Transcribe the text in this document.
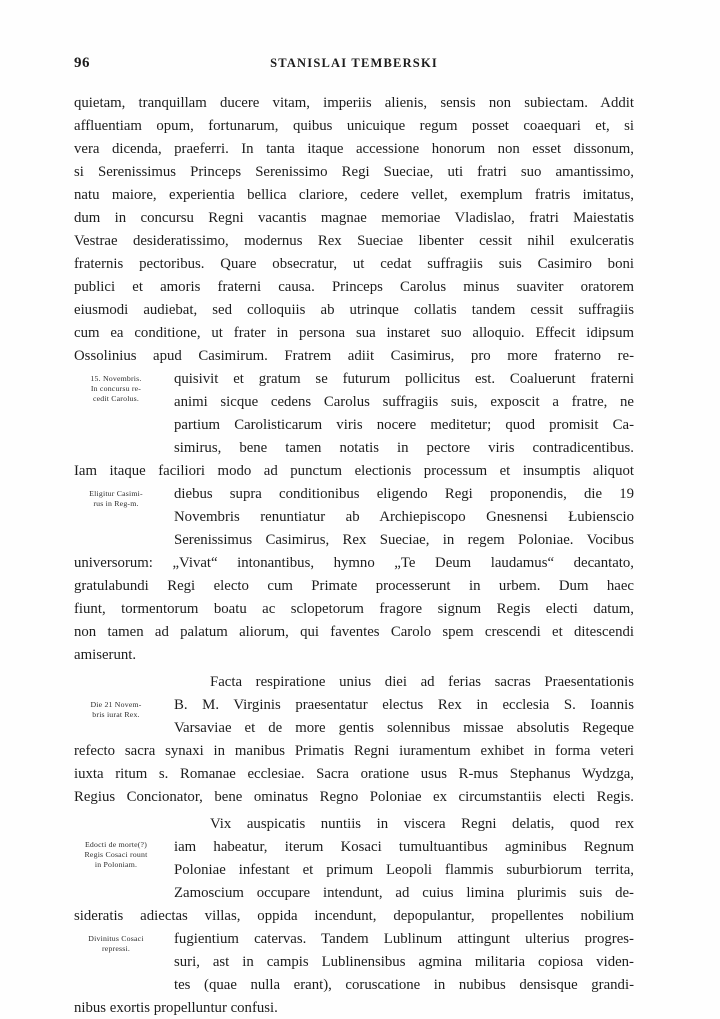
96	STANISLAI TEMBERSKI
quietam, tranquillam ducere vitam, imperiis alienis, sensis non subiectam. Addit
affluentiam opum, fortunarum, quibus unicuique regum posset coaequari et, si
vera dicenda, praeferri. In tanta itaque accessione honorum non esset dissonum,
si Serenissimus Princeps Serenissimo Regi Sueciae, uti fratri suo amantissimo,
natu maiore, experientia bellica clariore, cedere vellet, exemplum fratris imitatus,
dum in concursu Regni vacantis magnae memoriae Vladislao, fratri Maiestatis
Vestrae desideratissimo, modernus Rex Sueciae libenter cessit nihil exulceratis
fraternis pectoribus. Quare obsecratur, ut cedat suffragiis suis Casimiro boni
publici et amoris fraterni causa. Princeps Carolus minus suaviter oratorem
eiusmodi audiebat, sed colloquiis ab utrinque collatis tandem cessit suffragiis
cum ea conditione, ut frater in persona sua instaret suo alloquio. Effecit idipsum
Ossolinius apud Casimirum. Fratrem adiit Casimirus, pro more fraterno re-
quisivit et gratum se futurum pollicitus est. Coaluerunt fraterni
animi sicque cedens Carolus suffragiis suis, exposcit a fratre, ne
partium Carolisticarum viris nocere meditetur; quod promisit Ca-
simirus, bene tamen notatis in pectore viris contradicentibus.
Iam itaque faciliori modo ad punctum electionis processum et insumptis aliquot
diebus supra conditionibus eligendo Regi proponendis, die 19
Novembris renuntiatur ab Archiepiscopo Gnesnensi Łubienscio
Serenissimus Casimirus, Rex Sueciae, in regem Poloniae. Vocibus
universorum: „Vivat“ intonantibus, hymno „Te Deum laudamus“ decantato,
gratulabundi Regi electo cum Primate processerunt in urbem. Dum haec
fiunt, tormentorum boatu ac sclopetorum fragore signum Regis electi datum,
non tamen ad palatum aliorum, qui faventes Carolo spem crescendi et ditescendi
amiserunt.
Facta respiratione unius diei ad ferias sacras Praesentationis
B. M. Virginis praesentatur electus Rex in ecclesia S. Ioannis
Varsaviae et de more gentis solennibus missae absolutis Regeque
refecto sacra synaxi in manibus Primatis Regni iuramentum exhibet in forma veteri
iuxta ritum s. Romanae ecclesiae. Sacra oratione usus R-mus Stephanus Wydzga,
Regius Concionator, bene ominatus Regno Poloniae ex circumstantiis electi Regis.
Vix auspicatis nuntiis in viscera Regni delatis, quod rex
iam habeatur, iterum Kosaci tumultuantibus agminibus Regnum
Poloniae infestant et primum Leopoli flammis suburbiorum territa,
Zamoscium occupare intendunt, ad cuius limina plurimis suis de-
sideratis adiectas villas, oppida incendunt, depopulantur, propellentes nobilium
fugientium catervas. Tandem Lublinum attingunt ulterius progres-
suri, ast in campis Lublinensibus agmina militaria copiosa viden-
tes (quae nulla erant), coruscatione in nubibus densisque grandi-
nibus exortis propelluntur confusi.
15. Novembris.
In concursu re-
cedit Carolus.
Eligitur Casimi-
rus in Reg-m.
Die 21 Novem-
bris iurat Rex.
Edocti de morte(?)
Regis Cosaci rount
in Poloniam.
Divinitus Cosaci
repressi.
